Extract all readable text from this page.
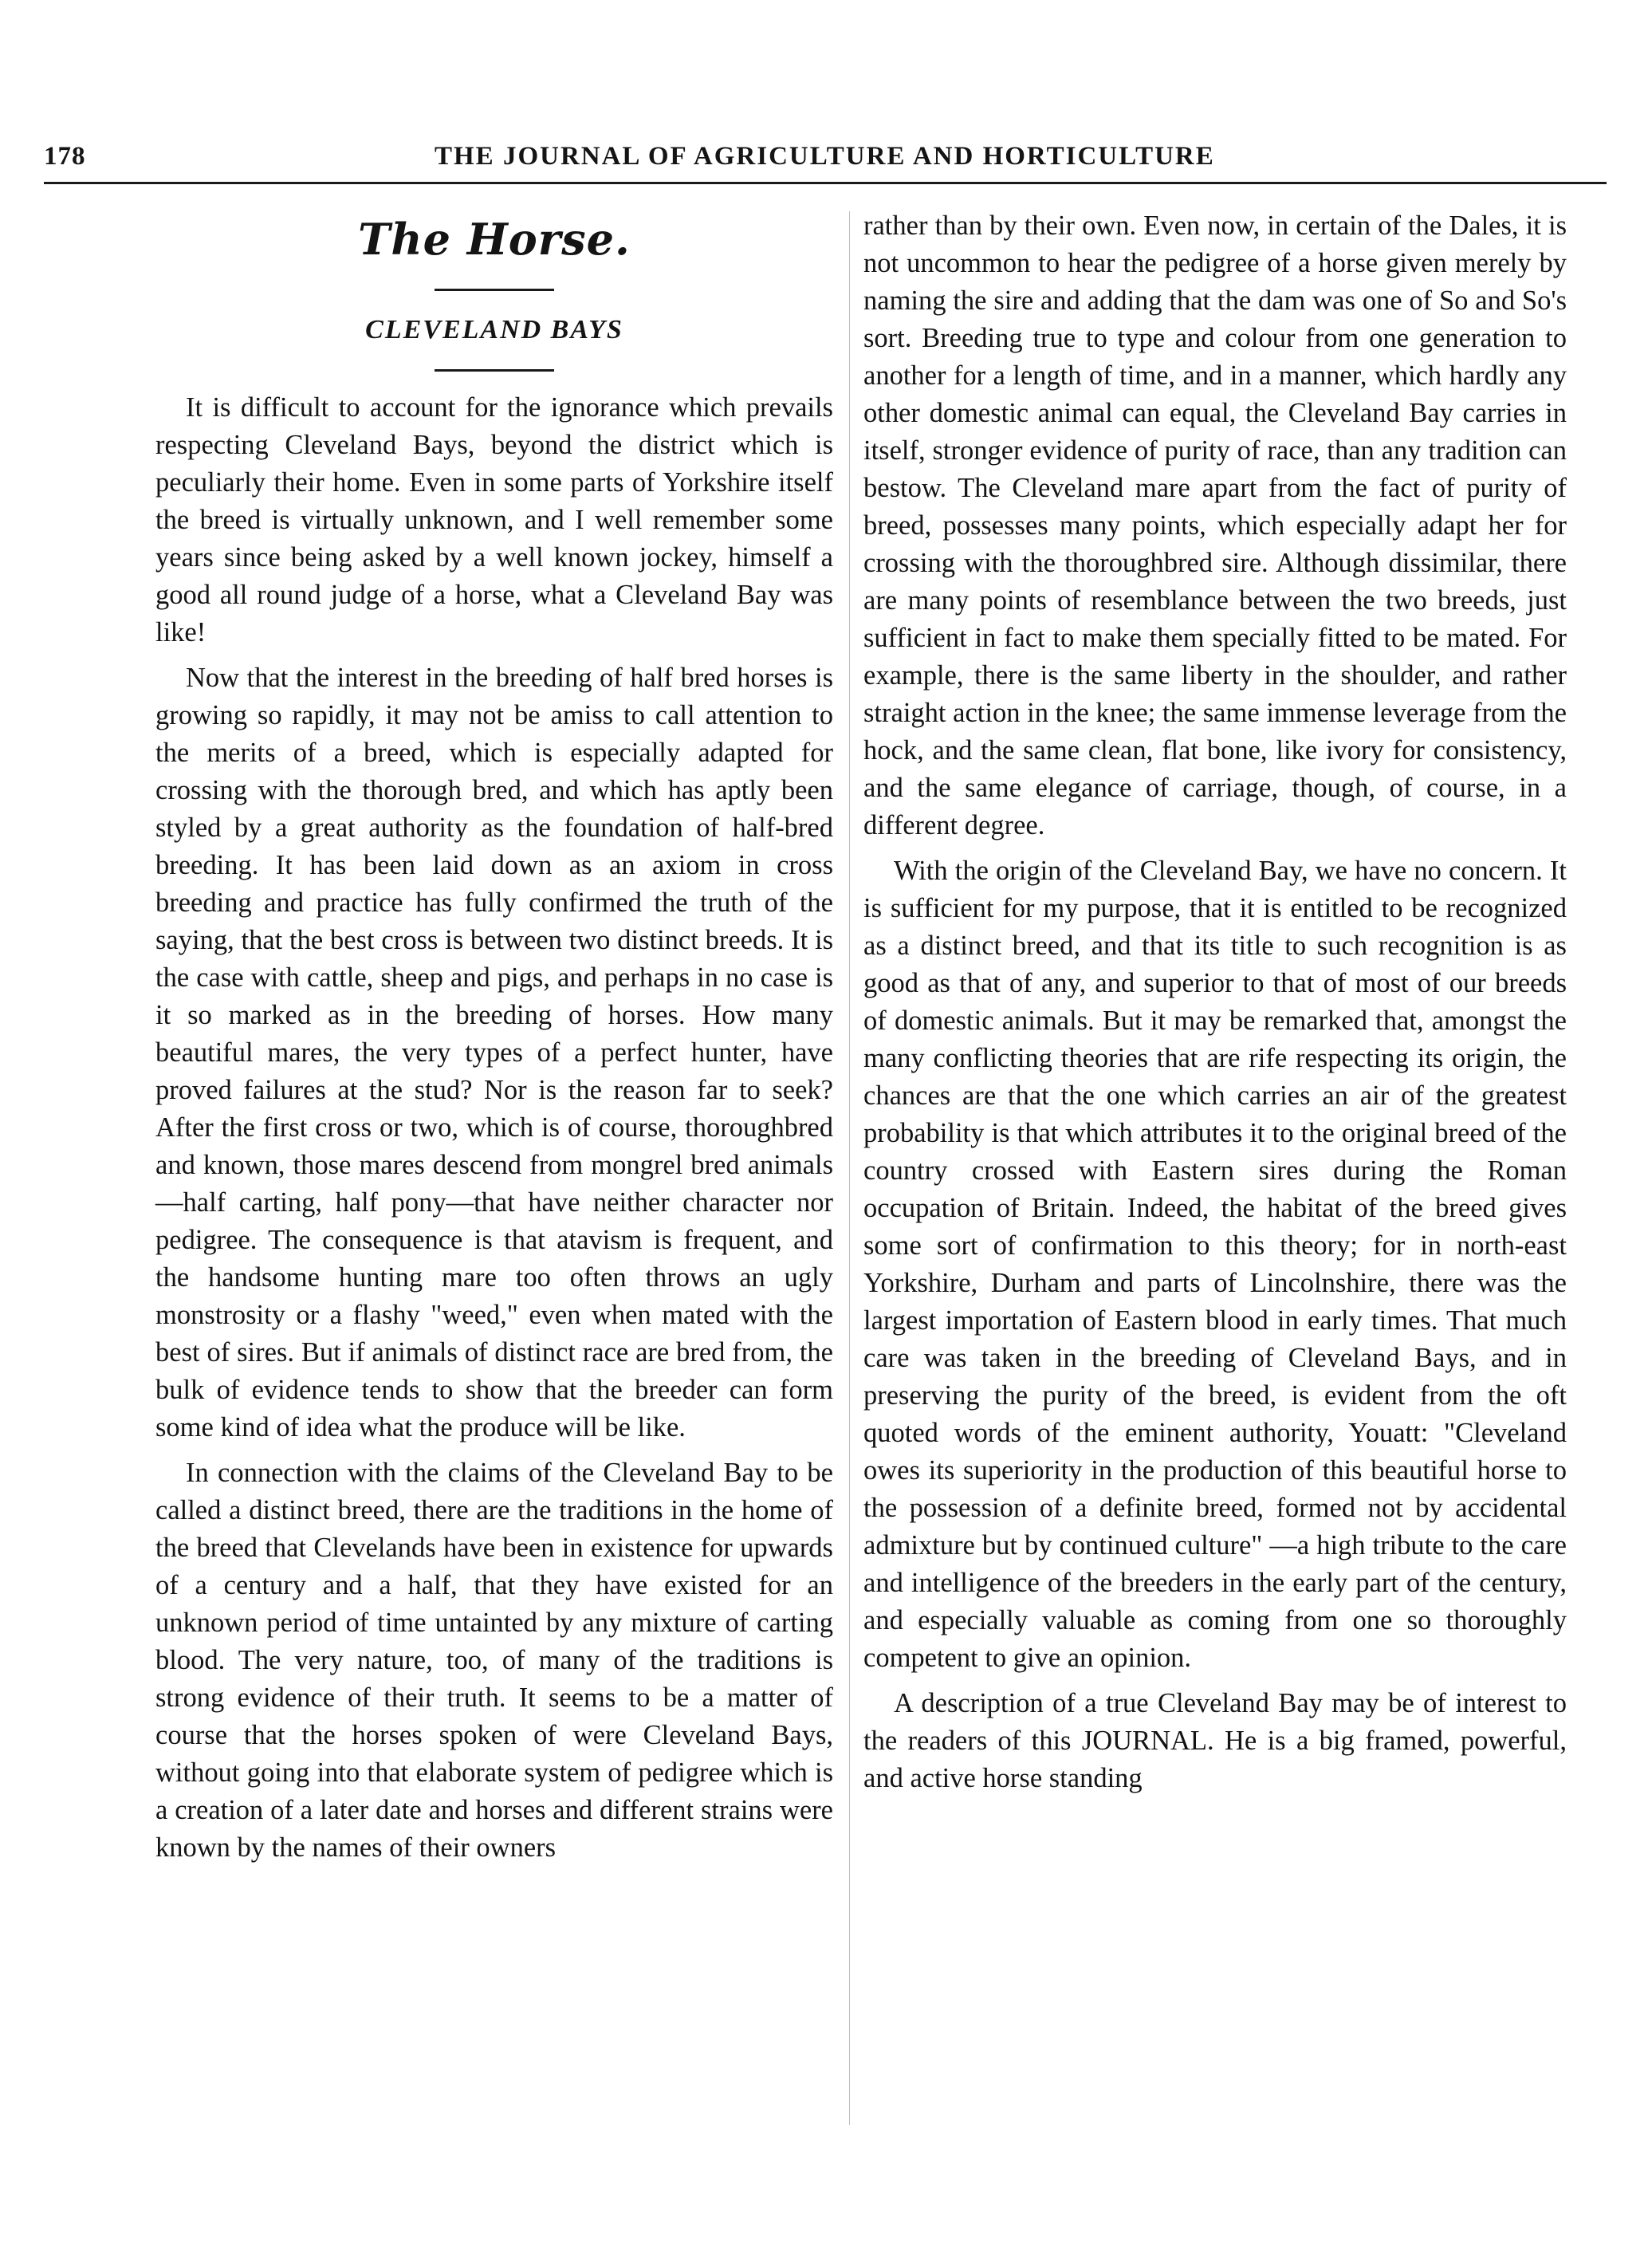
178	THE JOURNAL OF AGRICULTURE AND HORTICULTURE
The Horse.
CLEVELAND BAYS

It is difficult to account for the ignorance which prevails respecting Cleveland Bays, beyond the district which is peculiarly their home. Even in some parts of Yorkshire itself the breed is virtually unknown, and I well remember some years since being asked by a well known jockey, himself a good all round judge of a horse, what a Cleveland Bay was like!

Now that the interest in the breeding of half bred horses is growing so rapidly, it may not be amiss to call attention to the merits of a breed, which is especially adapted for crossing with the thorough bred, and which has aptly been styled by a great authority as the foundation of half-bred breeding. It has been laid down as an axiom in cross breeding and practice has fully confirmed the truth of the saying, that the best cross is between two distinct breeds. It is the case with cattle, sheep and pigs, and perhaps in no case is it so marked as in the breeding of horses. How many beautiful mares, the very types of a perfect hunter, have proved failures at the stud? Nor is the reason far to seek? After the first cross or two, which is of course, thoroughbred and known, those mares descend from mongrel bred animals —half carting, half pony—that have neither character nor pedigree. The consequence is that atavism is frequent, and the handsome hunting mare too often throws an ugly monstrosity or a flashy "weed," even when mated with the best of sires. But if animals of distinct race are bred from, the bulk of evidence tends to show that the breeder can form some kind of idea what the produce will be like.

In connection with the claims of the Cleveland Bay to be called a distinct breed, there are the traditions in the home of the breed that Clevelands have been in existence for upwards of a century and a half, that they have existed for an unknown period of time untainted by any mixture of carting blood. The very nature, too, of many of the traditions is strong evidence of their truth. It seems to be a matter of course that the horses spoken of were Cleveland Bays, without going into that elaborate system of pedigree which is a creation of a later date and horses and different strains were known by the names of their owners

rather than by their own. Even now, in certain of the Dales, it is not uncommon to hear the pedigree of a horse given merely by naming the sire and adding that the dam was one of So and So's sort. Breeding true to type and colour from one generation to another for a length of time, and in a manner, which hardly any other domestic animal can equal, the Cleveland Bay carries in itself, stronger evidence of purity of race, than any tradition can bestow. The Cleveland mare apart from the fact of purity of breed, possesses many points, which especially adapt her for crossing with the thoroughbred sire. Although dissimilar, there are many points of resemblance between the two breeds, just sufficient in fact to make them specially fitted to be mated. For example, there is the same liberty in the shoulder, and rather straight action in the knee; the same immense leverage from the hock, and the same clean, flat bone, like ivory for consistency, and the same elegance of carriage, though, of course, in a different degree.

With the origin of the Cleveland Bay, we have no concern. It is sufficient for my purpose, that it is entitled to be recognized as a distinct breed, and that its title to such recognition is as good as that of any, and superior to that of most of our breeds of domestic animals. But it may be remarked that, amongst the many conflicting theories that are rife respecting its origin, the chances are that the one which carries an air of the greatest probability is that which attributes it to the original breed of the country crossed with Eastern sires during the Roman occupation of Britain. Indeed, the habitat of the breed gives some sort of confirmation to this theory; for in north-east Yorkshire, Durham and parts of Lincolnshire, there was the largest importation of Eastern blood in early times. That much care was taken in the breeding of Cleveland Bays, and in preserving the purity of the breed, is evident from the oft quoted words of the eminent authority, Youatt: "Cleveland owes its superiority in the production of this beautiful horse to the possession of a definite breed, formed not by accidental admixture but by continued culture" —a high tribute to the care and intelligence of the breeders in the early part of the century, and especially valuable as coming from one so thoroughly competent to give an opinion.

A description of a true Cleveland Bay may be of interest to the readers of this JOURNAL. He is a big framed, powerful, and active horse standing
